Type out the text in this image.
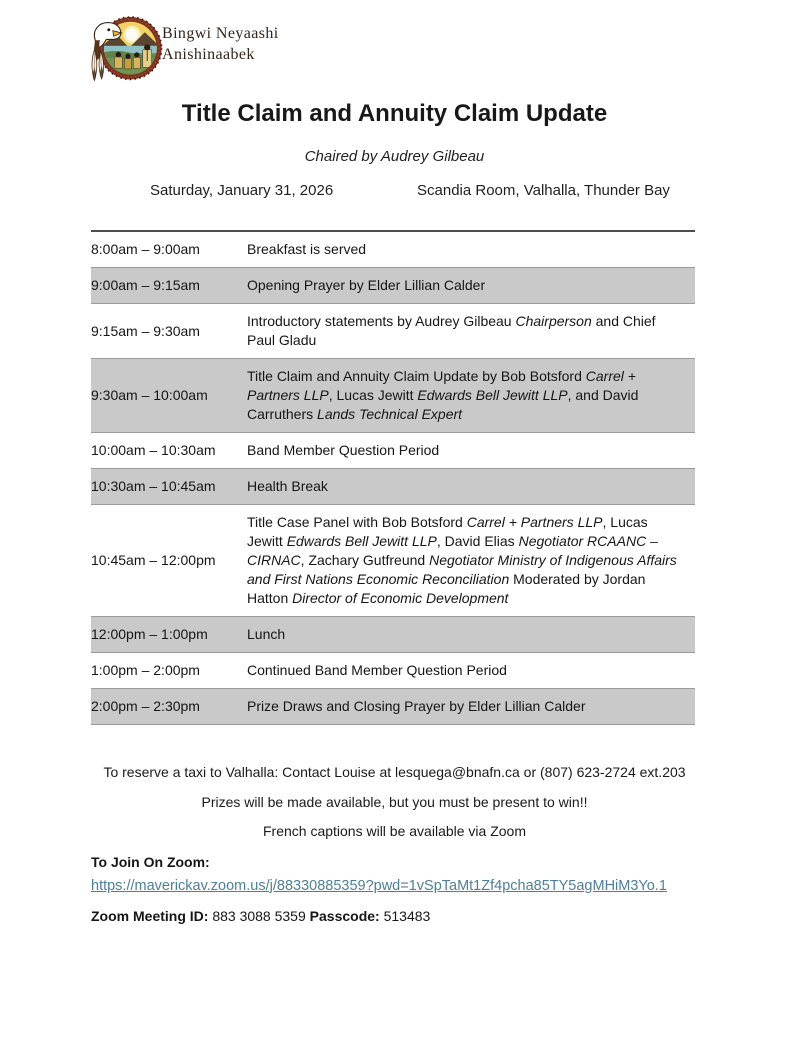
Bingwi Neyaashi
Anishinaabek
Title Claim and Annuity Claim Update
Chaired by Audrey Gilbeau
Saturday, January 31, 2026	Scandia Room, Valhalla, Thunder Bay
8:00am – 9:00am	Breakfast is served
9:00am – 9:15am	Opening Prayer by Elder Lillian Calder
9:15am – 9:30am	Introductory statements by Audrey Gilbeau Chairperson and Chief Paul Gladu
9:30am – 10:00am	Title Claim and Annuity Claim Update by Bob Botsford Carrel + Partners LLP, Lucas Jewitt Edwards Bell Jewitt LLP, and David Carruthers Lands Technical Expert
10:00am – 10:30am	Band Member Question Period
10:30am – 10:45am	Health Break
10:45am – 12:00pm	Title Case Panel with Bob Botsford Carrel + Partners LLP, Lucas Jewitt Edwards Bell Jewitt LLP, David Elias Negotiator RCAANC – CIRNAC, Zachary Gutfreund Negotiator Ministry of Indigenous Affairs and First Nations Economic Reconciliation Moderated by Jordan Hatton Director of Economic Development
12:00pm – 1:00pm	Lunch
1:00pm – 2:00pm	Continued Band Member Question Period
2:00pm – 2:30pm	Prize Draws and Closing Prayer by Elder Lillian Calder

To reserve a taxi to Valhalla: Contact Louise at lesquega@bnafn.ca or (807) 623-2724 ext.203

Prizes will be made available, but you must be present to win!!

French captions will be available via Zoom

To Join On Zoom:
https://maverickav.zoom.us/j/88330885359?pwd=1vSpTaMt1Zf4pcha85TY5agMHiM3Yo.1
Zoom Meeting ID: 883 3088 5359 Passcode: 513483
